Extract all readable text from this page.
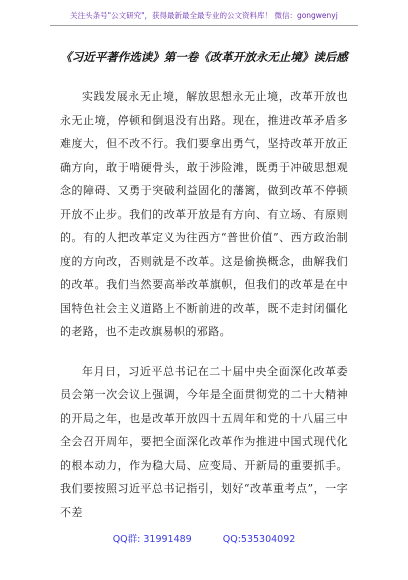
关注头条号"公文研究"，获得最新最全最专业的公文资料库！ 微信：gongwenyj
《习近平著作选读》第一卷《改革开放永无止境》读后感

实践发展永无止境，解放思想永无止境，改革开放也永无止境，停顿和倒退没有出路。现在，推进改革矛盾多难度大，但不改不行。我们要拿出勇气，坚持改革开放正确方向，敢于啃硬骨头，敢于涉险滩，既勇于冲破思想观念的障碍、又勇于突破利益固化的藩篱，做到改革不停顿开放不止步。我们的改革开放是有方向、有立场、有原则的。有的人把改革定义为往西方“普世价值”、西方政治制度的方向改，否则就是不改革。这是偷换概念，曲解我们的改革。我们当然要高举改革旗帜，但我们的改革是在中国特色社会主义道路上不断前进的改革，既不走封闭僵化的老路，也不走改旗易帜的邪路。

年月日，习近平总书记在二十届中央全面深化改革委员会第一次会议上强调，今年是全面贯彻党的二十大精神的开局之年，也是改革开放四十五周年和党的十八届三中全会召开周年，要把全面深化改革作为推进中国式现代化的根本动力，作为稳大局、应变局、开新局的重要抓手。我们要按照习近平总书记指引，划好“改革重考点”，一字不差

QQ群: 31991489	QQ:535304092
